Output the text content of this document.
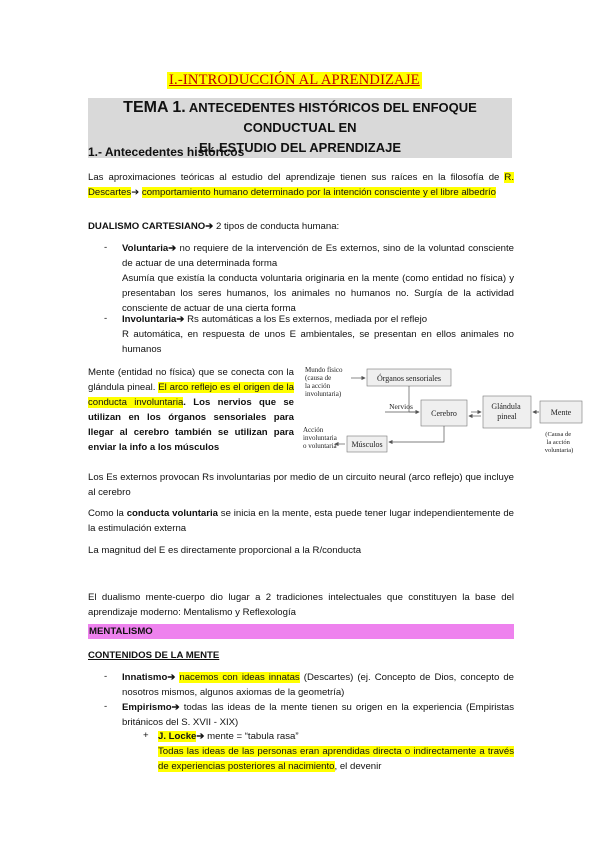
I.-INTRODUCCIÓN AL APRENDIZAJE
TEMA 1. ANTECEDENTES HISTÓRICOS DEL ENFOQUE CONDUCTUAL EN
EL ESTUDIO DEL APRENDIZAJE
1.- Antecedentes históricos
Las aproximaciones teóricas al estudio del aprendizaje tienen sus raíces en la filosofía de R. Descartes➔ comportamiento humano determinado por la intención consciente y el libre albedrío
DUALISMO CARTESIANO➔ 2 tipos de conducta humana:
- Voluntaria➔ no requiere de la intervención de Es externos, sino de la voluntad consciente de actuar de una determinada forma
Asumía que existía la conducta voluntaria originaria en la mente (como entidad no física) y presentaban los seres humanos, los animales no humanos no. Surgía de la actividad consciente de actuar de una cierta forma
- Involuntaria➔ Rs automáticas a los Es externos, mediada por el reflejo
R automática, en respuesta de unos E ambientales, se presentan en ellos animales no humanos
Mente (entidad no física) que se conecta con la glándula pineal. El arco reflejo es el origen de la conducta involuntaria. Los nervios que se utilizan en los órganos sensoriales para llegar al cerebro también se utilizan para enviar la info a los músculos
Mundo físico (causa de la acción involuntaria)
Órganos sensoriales
Nervios
Cerebro
Glándula pineal	Mente
(Causa de la acción voluntaria)
Músculos
Acción involuntaria o voluntaria
Los Es externos provocan Rs involuntarias por medio de un circuito neural (arco reflejo) que incluye al cerebro
Como la conducta voluntaria se inicia en la mente, esta puede tener lugar independientemente de la estimulación externa
La magnitud del E es directamente proporcional a la R/conducta
El dualismo mente-cuerpo dio lugar a 2 tradiciones intelectuales que constituyen la base del aprendizaje moderno: Mentalismo y Reflexología
MENTALISMO
CONTENIDOS DE LA MENTE
- Innatismo➔ nacemos con ideas innatas (Descartes) (ej. Concepto de Dios, concepto de nosotros mismos, algunos axiomas de la geometría)
- Empirismo➔ todas las ideas de la mente tienen su origen en la experiencia (Empiristas británicos del S. XVII - XIX)
+ J. Locke➔ mente = “tabula rasa”
Todas las ideas de las personas eran aprendidas directa o indirectamente a través de experiencias posteriores al nacimiento, el devenir
